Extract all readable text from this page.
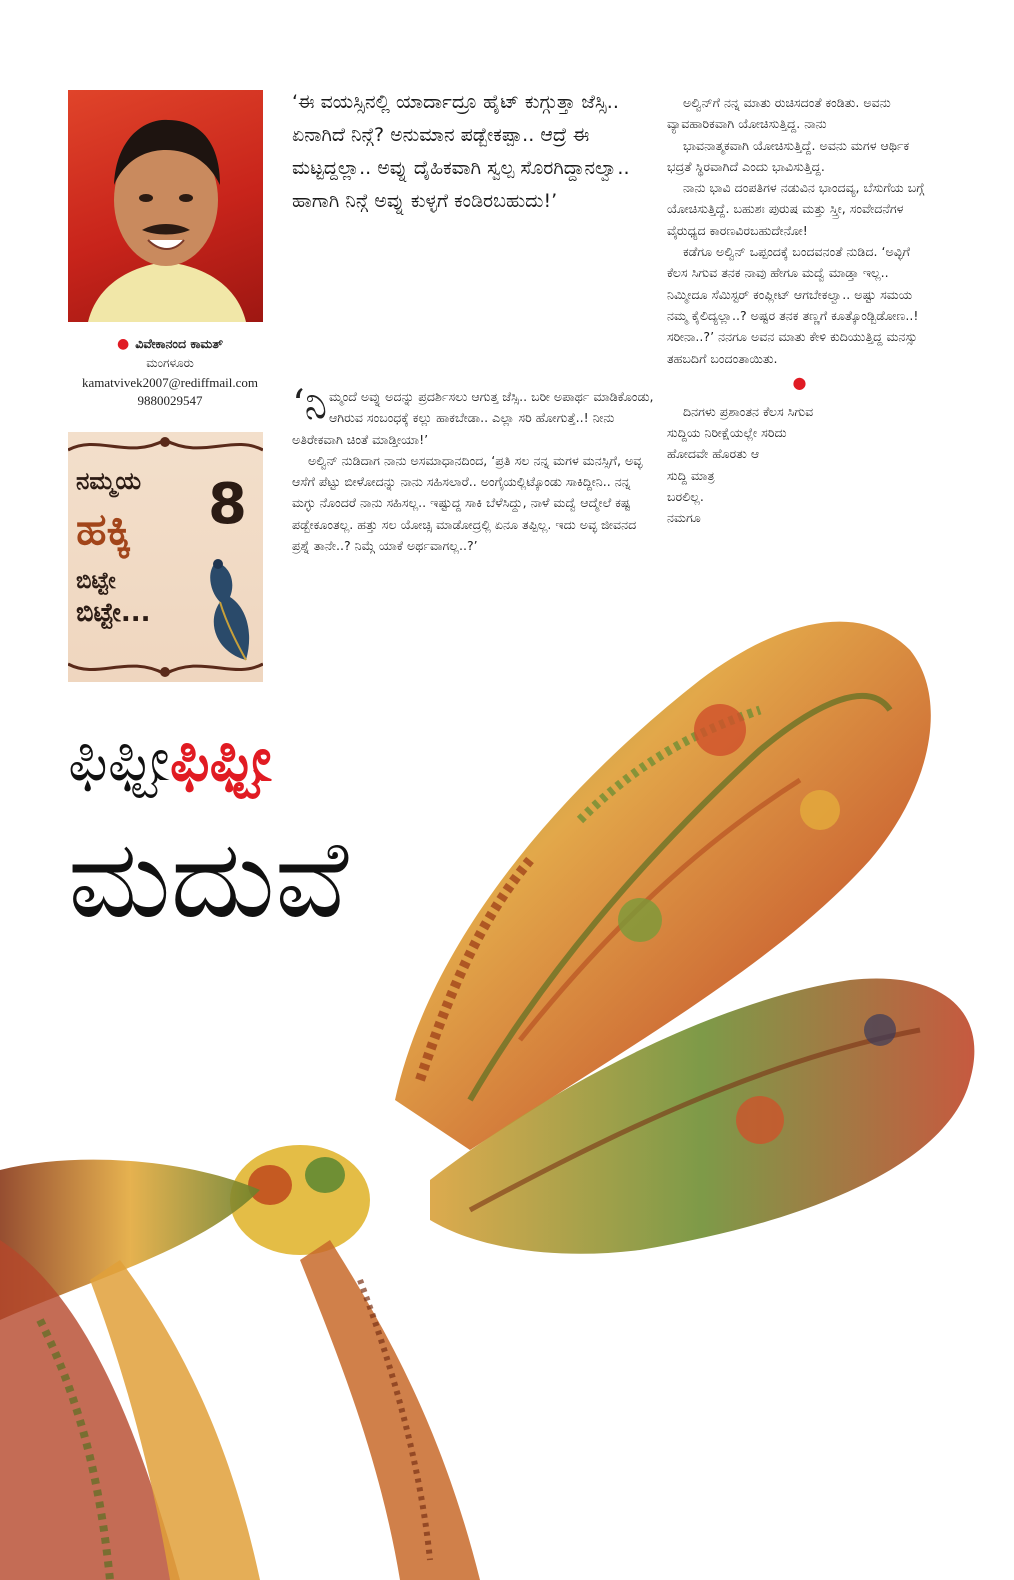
● ವಿವೇಕಾನಂದ ಕಾಮತ್
ಮಂಗಳೂರು
kamatvivek2007@rediffmail.com
9880029547
ನಮ್ಮಯ 8
ಹಕ್ಕಿ
ಬಿಟ್ಟೇ
ಬಿಟ್ಟೇ...
‘ಈ ವಯಸ್ಸಿನಲ್ಲಿ ಯಾರ್ದಾದ್ರೂ ಹೈಟ್ ಕುಗ್ಗುತ್ತಾ ಜೆಸ್ಸಿ.. ಏನಾಗಿದೆ ನಿನ್ಗೆ? ಅನುಮಾನ ಪಡ್ಬೇಕಪ್ಪಾ.. ಆದ್ರೆ ಈ ಮಟ್ಟದ್ದಲ್ಲಾ.. ಅವ್ನು ದೈಹಿಕವಾಗಿ ಸ್ವಲ್ಪ ಸೊರಗಿದ್ದಾನಲ್ವಾ.. ಹಾಗಾಗಿ ನಿನ್ಗೆ ಅವ್ನು ಕುಳ್ಳಗೆ ಕಂಡಿರಬಹುದು!’

‘ನಿಮ್ಮಂದೆ ಅವ್ನು ಅದನ್ನು ಪ್ರದರ್ಶಿಸಲು ಆಗುತ್ತ ಜೆಸ್ಸಿ.. ಬರೀ ಅಪಾರ್ಥ ಮಾಡಿಕೊಂಡು, ಆಗಿರುವ ಸಂಬಂಧಕ್ಕೆ ಕಲ್ಲು ಹಾಕಬೇಡಾ.. ಎಲ್ಲಾ ಸರಿ ಹೋಗುತ್ತೆ..! ನೀನು ಅತಿರೇಕವಾಗಿ ಚಿಂತೆ ಮಾಡ್ತೀಯಾ!’

ಅಲ್ವಿನ್ ನುಡಿದಾಗ ನಾನು ಅಸಮಾಧಾನದಿಂದ, ‘ಪ್ರತಿ ಸಲ ನನ್ನ ಮಗಳ ಮನಸ್ಸಿಗೆ, ಅವ್ಳ ಆಸೆಗೆ ಪೆಟ್ಟು ಬೀಳೋದನ್ನು ನಾನು ಸಹಿಸಲಾರೆ.. ಅಂಗೈಯಲ್ಲಿಟ್ಕೊಂಡು ಸಾಕಿದ್ದೀನಿ.. ನನ್ನ ಮಗ್ಳು ನೊಂದರೆ ನಾನು ಸಹಿಸಲ್ಲ.. ಇಷ್ಟುದ್ದ ಸಾಕಿ ಬೆಳೆಸಿದ್ದು, ನಾಳೆ ಮದ್ವೆ ಆದ್ಮೇಲೆ ಕಷ್ಟ ಪಡ್ಬೇಕೂಂತಲ್ಲ. ಹತ್ತು ಸಲ ಯೋಚ್ಸಿ ಮಾಡೋದ್ರಲ್ಲಿ ಏನೂ ತಪ್ಪಿಲ್ಲ. ಇದು ಅವ್ಳ ಜೀವನದ ಪ್ರಶ್ನೆ ತಾನೇ..? ನಿಮ್ಗೆ ಯಾಕೆ ಅರ್ಥವಾಗಲ್ಲ..?’

ಅಲ್ವಿನ್‌ಗೆ ನನ್ನ ಮಾತು ರುಚಿಸದಂತೆ ಕಂಡಿತು. ಅವನು ವ್ಯಾವಹಾರಿಕವಾಗಿ ಯೋಚಿಸುತ್ತಿದ್ದ. ನಾನು

ಭಾವನಾತ್ಮಕವಾಗಿ ಯೋಚಿಸುತ್ತಿದ್ದೆ. ಅವನು ಮಗಳ ಆರ್ಥಿಕ ಭದ್ರತೆ ಸ್ಥಿರವಾಗಿದೆ ಎಂದು ಭಾವಿಸುತ್ತಿದ್ದ.

ನಾನು ಭಾವಿ ದಂಪತಿಗಳ ನಡುವಿನ ಭಾಂದವ್ಯ, ಬೆಸುಗೆಯ ಬಗ್ಗೆ ಯೋಚಿಸುತ್ತಿದ್ದೆ. ಬಹುಶಃ ಪುರುಷ ಮತ್ತು ಸ್ತ್ರೀ, ಸಂವೇದನೆಗಳ ವೈರುಧ್ಯದ ಕಾರಣವಿರಬಹುದೇನೋ!

ಕಡೆಗೂ ಅಲ್ವಿನ್ ಒಪ್ಪಂದಕ್ಕೆ ಬಂದವನಂತೆ ನುಡಿದ. ‘ಅವ್ಳಿಗೆ ಕೆಲಸ ಸಿಗುವ ತನಕ ನಾವು ಹೇಗೂ ಮದ್ವೆ ಮಾಡ್ತಾ ಇಲ್ಲ.. ನಿಮ್ಮೀದೂ ಸೆಮಿಸ್ಟರ್ ಕಂಪ್ಲೀಟ್ ಆಗಬೇಕಲ್ವಾ.. ಅಷ್ಟು ಸಮಯ ನಮ್ಮ ಕೈಲಿದ್ಯಲ್ಲಾ..? ಅಷ್ಟರ ತನಕ ತಣ್ಣಗೆ ಕೂತ್ಕೊಂಡ್ಬಿಡೋಣ..! ಸರೀನಾ..?’ ನನಗೂ ಅವನ ಮಾತು ಕೇಳಿ ಕುದಿಯುತ್ತಿದ್ದ ಮನಸ್ಸು ತಹಬದಿಗೆ ಬಂದಂತಾಯಿತು.

●

ದಿನಗಳು ಪ್ರಶಾಂತನ ಕೆಲಸ ಸಿಗುವ

ಸುದ್ದಿಯ ನಿರೀಕ್ಷೆಯಲ್ಲೇ ಸರಿದು

ಹೋದವೇ ಹೊರತು ಆ

ಸುದ್ದಿ ಮಾತ್ರ

ಬರಲಿಲ್ಲ.

ನಮಗೂ

ಫಿಫ್ಟೀಫಿಫ್ಟೀ
ಮದುವೆ
